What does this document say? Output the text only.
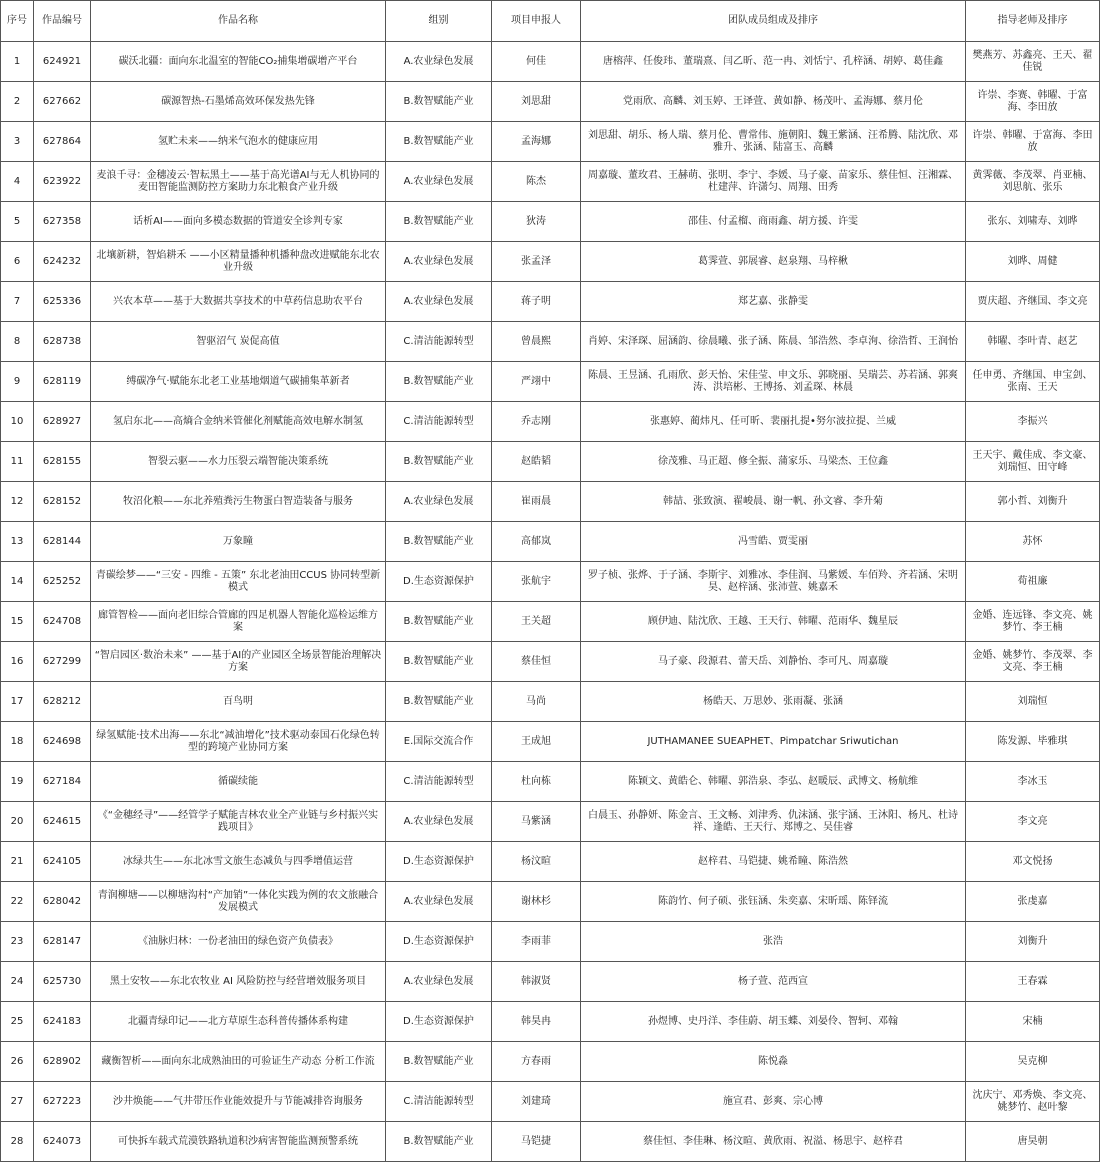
序号	作品编号	作品名称	组别	项目申报人	团队成员组成及排序	指导老师及排序
1	624921	碳沃北疆：面向东北温室的智能CO₂捕集增碳增产平台	A.农业绿色发展	何佳	唐榕萍、任俊玮、董瑞熹、闫乙昕、范一冉、刘恬宁、孔梓涵、胡婷、葛佳鑫	樊燕芳、苏鑫亮、王天、翟佳锐
2	627662	碳源智热-石墨烯高效环保发热先锋	B.数智赋能产业	刘思甜	党雨欣、高麟、刘玉婷、王译萱、黄如静、杨茂叶、孟海娜、蔡月伦	许崇、李赛、韩曜、于富海、李田放
3	627864	氢贮未来——纳米气泡水的健康应用	B.数智赋能产业	孟海娜	刘思甜、胡乐、杨人瑞、蔡月伦、曹常伟、施朝阳、魏王紫涵、汪希腾、陆沈欣、邓雅升、张涵、陆富玉、高麟	许崇、韩曜、于富海、李田放
4	623922	麦浪千寻：金穗凌云·智耘黑土——基于高光谱AI与无人机协同的麦田智能监测防控方案助力东北粮食产业升级	A.农业绿色发展	陈杰	周嘉璇、董玫君、王赫萌、张明、李宁、李媛、马子豪、苗家乐、蔡佳恒、汪湘霖、杜建萍、许潇匀、周翔、田秀	黄霁薇、李茂翠、肖亚楠、刘思航、张乐
5	627358	话析AI——面向多模态数据的管道安全诊判专家	B.数智赋能产业	狄涛	邵佳、付孟榴、商雨鑫、胡方援、许雯	张东、刘啸寿、刘晔
6	624232	北壤新耕，智焰耕禾 ——小区精量播种机播种盘改进赋能东北农业升级	A.农业绿色发展	张孟泽	葛霁萱、郭展睿、赵泉翔、马梓楸	刘晔、周健
7	625336	兴农本草——基于大数据共享技术的中草药信息助农平台	A.农业绿色发展	蒋子明	郑艺嘉、张静雯	贾庆超、齐继国、李文亮
8	628738	智驱沼气 炭促高值	C.清洁能源转型	曾晨熙	肖婷、宋泽琛、屈涵韵、徐晨曦、张子涵、陈晨、邹浩然、李卓洵、徐浩哲、王润怡	韩曜、李叶青、赵艺
9	628119	缚碳净气·赋能东北老工业基地烟道气碳捕集革新者	B.数智赋能产业	严翊中	陈晨、王昱涵、孔雨欣、彭天怡、宋佳莹、申文乐、郭晓丽、吴瑞芸、苏若涵、郭爽涛、洪培彬、王博扬、刘孟琛、林晨	任申勇、齐继国、申宝剑、张南、王天
10	628927	氢启东北——高熵合金纳米管催化剂赋能高效电解水制氢	C.清洁能源转型	乔志刚	张惠婷、蔺炜凡、任可昕、裴丽扎提•努尔波拉提、兰威	李振兴
11	628155	智裂云驱——水力压裂云端智能决策系统	B.数智赋能产业	赵皓韬	徐茂雅、马正超、修全振、蒲家乐、马梁杰、王位鑫	王天宇、戴佳成、李文豪、刘瑞恒、田守峰
12	628152	牧沼化粮——东北养殖粪污生物蛋白智造装备与服务	A.农业绿色发展	崔雨晨	韩喆、张致演、翟峻晨、谢一帆、孙文睿、李升菊	郭小哲、刘衡升
13	628144	万象瞳	B.数智赋能产业	高郁岚	冯雪皓、贾雯丽	苏怀
14	625252	青碳绘梦——“三安 - 四维 - 五策” 东北老油田CCUS 协同转型新模式	D.生态资源保护	张航宇	罗子桢、张烨、于子涵、李斯宇、刘雅冰、李佳润、马紫媛、车佰羚、齐若涵、宋明昊、赵梓涵、张沛萱、姚嘉禾	荀祖廉
15	624708	廊管智检——面向老旧综合管廊的四足机器人智能化巡检运维方案	B.数智赋能产业	王关超	顾伊迪、陆沈欣、王越、王天行、韩曜、范雨华、魏星辰	金婚、连远锋、李文亮、姚梦竹、李王楠
16	627299	“智启园区·数治未来” ——基于AI的产业园区全场景智能治理解决方案	B.数智赋能产业	蔡佳恒	马子豪、段源君、蕾天岳、刘静怡、李可凡、周嘉璇	金婚、姚梦竹、李茂翠、李文亮、李王楠
17	628212	百鸟明	B.数智赋能产业	马尚	杨皓天、万思妙、张雨凝、张涵	刘瑞恒
18	624698	绿氢赋能·技术出海——东北“减油增化”技术驱动泰国石化绿色转型的跨境产业协同方案	E.国际交流合作	王成旭	JUTHAMANEE SUEAPHET、Pimpatchar Sriwutichan	陈发源、毕雅琪
19	627184	循碳续能	C.清洁能源转型	杜向栋	陈颖文、黄皓仑、韩曜、郭浩泉、李弘、赵暖辰、武博文、杨航维	李冰玉
20	624615	《“金穗经寻”——经管学子赋能吉林农业全产业链与乡村振兴实践项目》	A.农业绿色发展	马紫涵	白晨玉、孙静妍、陈金言、王文畅、刘津秀、仇沫涵、张宇涵、王沐阳、杨凡、杜诗祥、逢皓、王天行、郑博之、吴佳睿	李文亮
21	624105	冰绿共生——东北冰雪文旅生态减负与四季增值运营	D.生态资源保护	杨汶暄	赵梓君、马铠捷、姚希瞳、陈浩然	邓文悦扬
22	628042	青润柳塘——以柳塘沟村“产加销”一体化实践为例的农文旅融合发展模式	A.农业绿色发展	谢林杉	陈韵竹、何子硕、张钰涵、朱奕嘉、宋昕瑶、陈铎流	张虔嘉
23	628147	《油脉归林：一份老油田的绿色资产负债表》	D.生态资源保护	李雨菲	张浩	刘衡升
24	625730	黑土安牧——东北农牧业 AI 风险防控与经营增效服务项目	A.农业绿色发展	韩淑贤	杨子萱、范西宣	王春霖
25	624183	北疆青绿印记——北方草原生态科普传播体系构建	D.生态资源保护	韩昊冉	孙煜博、史丹洋、李佳蔚、胡玉蝶、刘晏伶、智轲、邓翰	宋楠
26	628902	藏衡智析——面向东北成熟油田的可验证生产动态 分析工作流	B.数智赋能产业	方春雨	陈悦淼	吴克柳
27	627223	沙井焕能——气井带压作业能效提升与节能减排咨询服务	C.清洁能源转型	刘建琦	施宣君、彭爽、宗心博	沈庆宁、邓秀焕、李文亮、姚梦竹、赵叶黎
28	624073	可快拆车载式荒漠铁路轨道积沙病害智能监测预警系统	B.数智赋能产业	马铠捷	蔡佳恒、李佳琳、杨汶暄、黄欣雨、祝溢、杨思宇、赵梓君	唐昊朝
